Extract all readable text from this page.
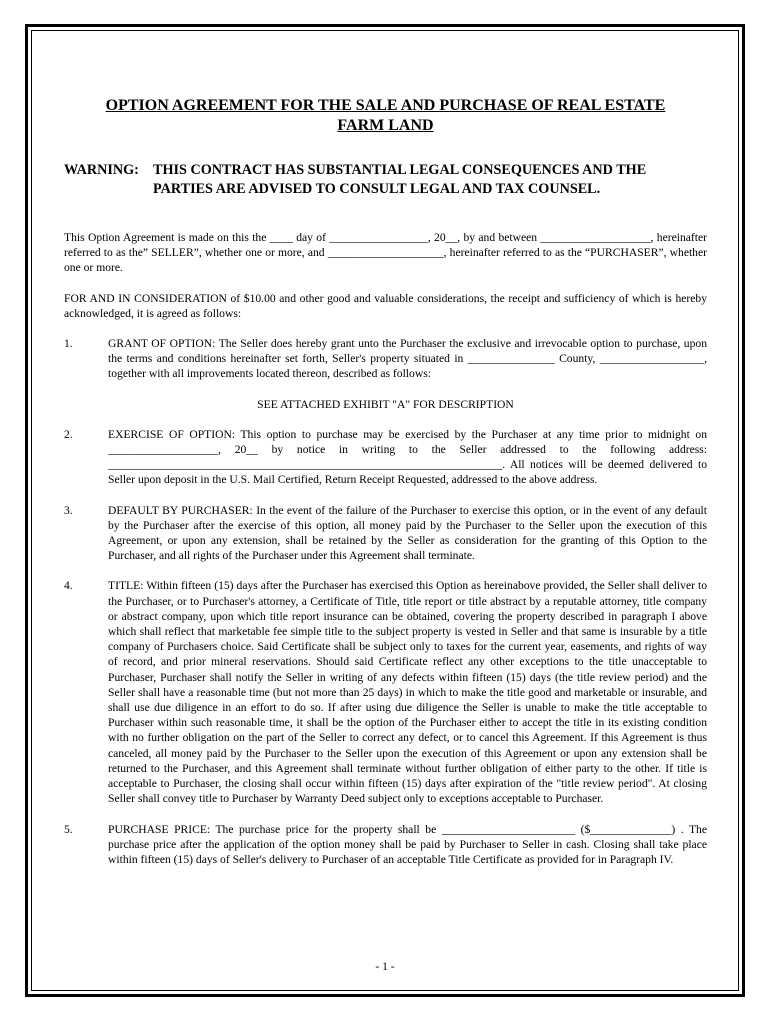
OPTION AGREEMENT FOR THE SALE AND PURCHASE OF REAL ESTATE
FARM LAND
WARNING: THIS CONTRACT HAS SUBSTANTIAL LEGAL CONSEQUENCES AND THE PARTIES ARE ADVISED TO CONSULT LEGAL AND TAX COUNSEL.

This Option Agreement is made on this the ____ day of _________________, 20__, by and between ___________________, hereinafter referred to as the” SELLER”, whether one or more, and ____________________, hereinafter referred to as the “PURCHASER”, whether one or more.

FOR AND IN CONSIDERATION of $10.00 and other good and valuable considerations, the receipt and sufficiency of which is hereby acknowledged, it is agreed as follows:

1.	GRANT OF OPTION: The Seller does hereby grant unto the Purchaser the exclusive and irrevocable option to purchase, upon the terms and conditions hereinafter set forth, Seller's property situated in _______________ County, __________________, together with all improvements located thereon, described as follows:
SEE ATTACHED EXHIBIT "A" FOR DESCRIPTION
2.	EXERCISE OF OPTION: This option to purchase may be exercised by the Purchaser at any time prior to midnight on ___________________, 20__ by notice in writing to the Seller addressed to the following address: ____________________________________________________________________. All notices will be deemed delivered to Seller upon deposit in the U.S. Mail Certified, Return Receipt Requested, addressed to the above address.
3.	DEFAULT BY PURCHASER: In the event of the failure of the Purchaser to exercise this option, or in the event of any default by the Purchaser after the exercise of this option, all money paid by the Purchaser to the Seller upon the execution of this Agreement, or upon any extension, shall be retained by the Seller as consideration for the granting of this Option to the Purchaser, and all rights of the Purchaser under this Agreement shall terminate.
4.	TITLE: Within fifteen (15) days after the Purchaser has exercised this Option as hereinabove provided, the Seller shall deliver to the Purchaser, or to Purchaser's attorney, a Certificate of Title, title report or title abstract by a reputable attorney, title company or abstract company, upon which title report insurance can be obtained, covering the property described in paragraph I above which shall reflect that marketable fee simple title to the subject property is vested in Seller and that same is insurable by a title company of Purchasers choice. Said Certificate shall be subject only to taxes for the current year, easements, and rights of way of record, and prior mineral reservations. Should said Certificate reflect any other exceptions to the title unacceptable to Purchaser, Purchaser shall notify the Seller in writing of any defects within fifteen (15) days (the title review period) and the Seller shall have a reasonable time (but not more than 25 days) in which to make the title good and marketable or insurable, and shall use due diligence in an effort to do so. If after using due diligence the Seller is unable to make the title acceptable to Purchaser within such reasonable time, it shall be the option of the Purchaser either to accept the title in its existing condition with no further obligation on the part of the Seller to correct any defect, or to cancel this Agreement. If this Agreement is thus canceled, all money paid by the Purchaser to the Seller upon the execution of this Agreement or upon any extension shall be returned to the Purchaser, and this Agreement shall terminate without further obligation of either party to the other. If title is acceptable to Purchaser, the closing shall occur within fifteen (15) days after expiration of the "title review period". At closing Seller shall convey title to Purchaser by Warranty Deed subject only to exceptions acceptable to Purchaser.
5.	PURCHASE PRICE: The purchase price for the property shall be _______________________ ($______________) . The purchase price after the application of the option money shall be paid by Purchaser to Seller in cash. Closing shall take place within fifteen (15) days of Seller's delivery to Purchaser of an acceptable Title Certificate as provided for in Paragraph IV.
- 1 -
